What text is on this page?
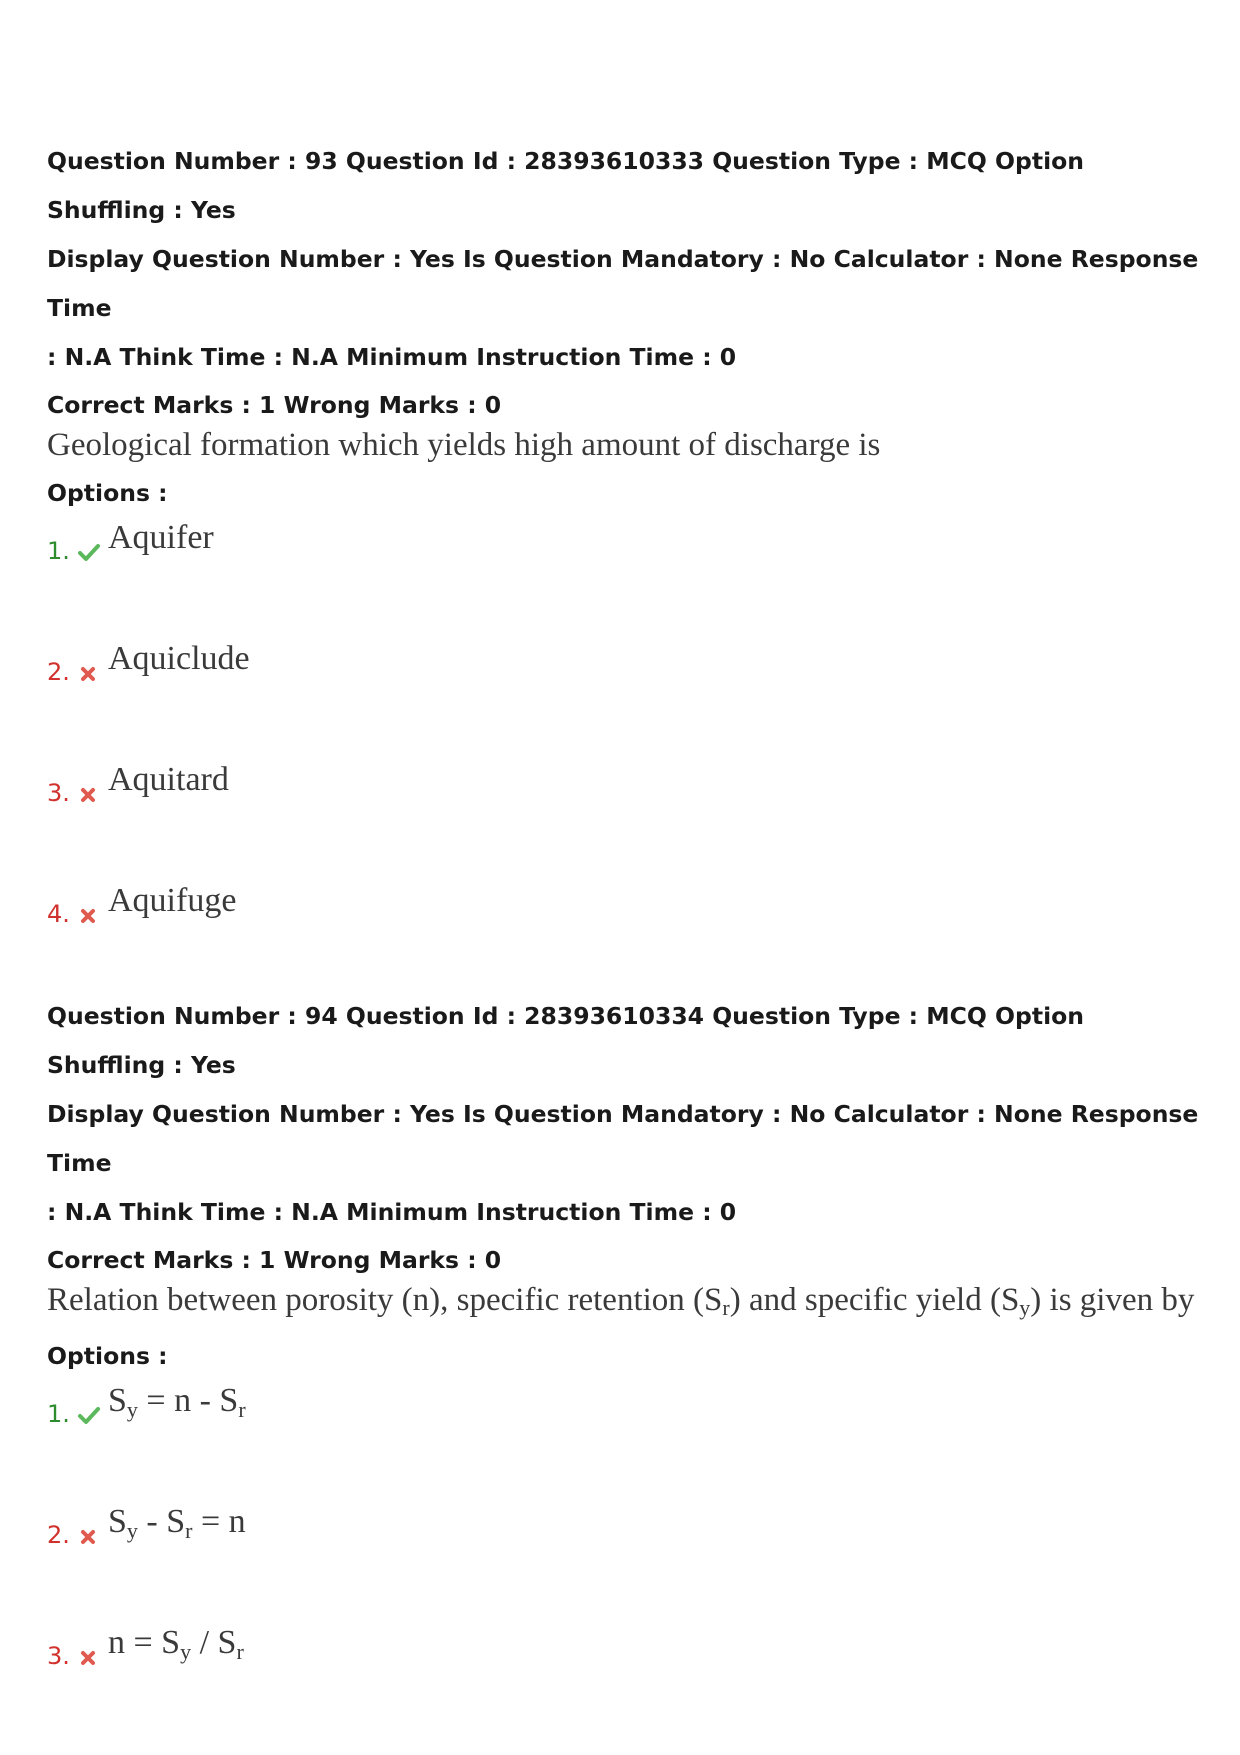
Question Number : 93 Question Id : 28393610333 Question Type : MCQ Option Shuffling : Yes

Display Question Number : Yes Is Question Mandatory : No Calculator : None Response Time

: N.A Think Time : N.A Minimum Instruction Time : 0

Correct Marks : 1 Wrong Marks : 0
Geological formation which yields high amount of discharge is
Options :
1. Aquifer
2. Aquiclude
3. Aquitard
4. Aquifuge

Question Number : 94 Question Id : 28393610334 Question Type : MCQ Option Shuffling : Yes

Display Question Number : Yes Is Question Mandatory : No Calculator : None Response Time

: N.A Think Time : N.A Minimum Instruction Time : 0

Correct Marks : 1 Wrong Marks : 0
Relation between porosity (n), specific retention $(S_r)$ and specific yield $(S_y)$ is given by
Options :
1. $S_y = n - S_r$
2. $S_y - S_r = n$
3. $n = S_y / S_r$
